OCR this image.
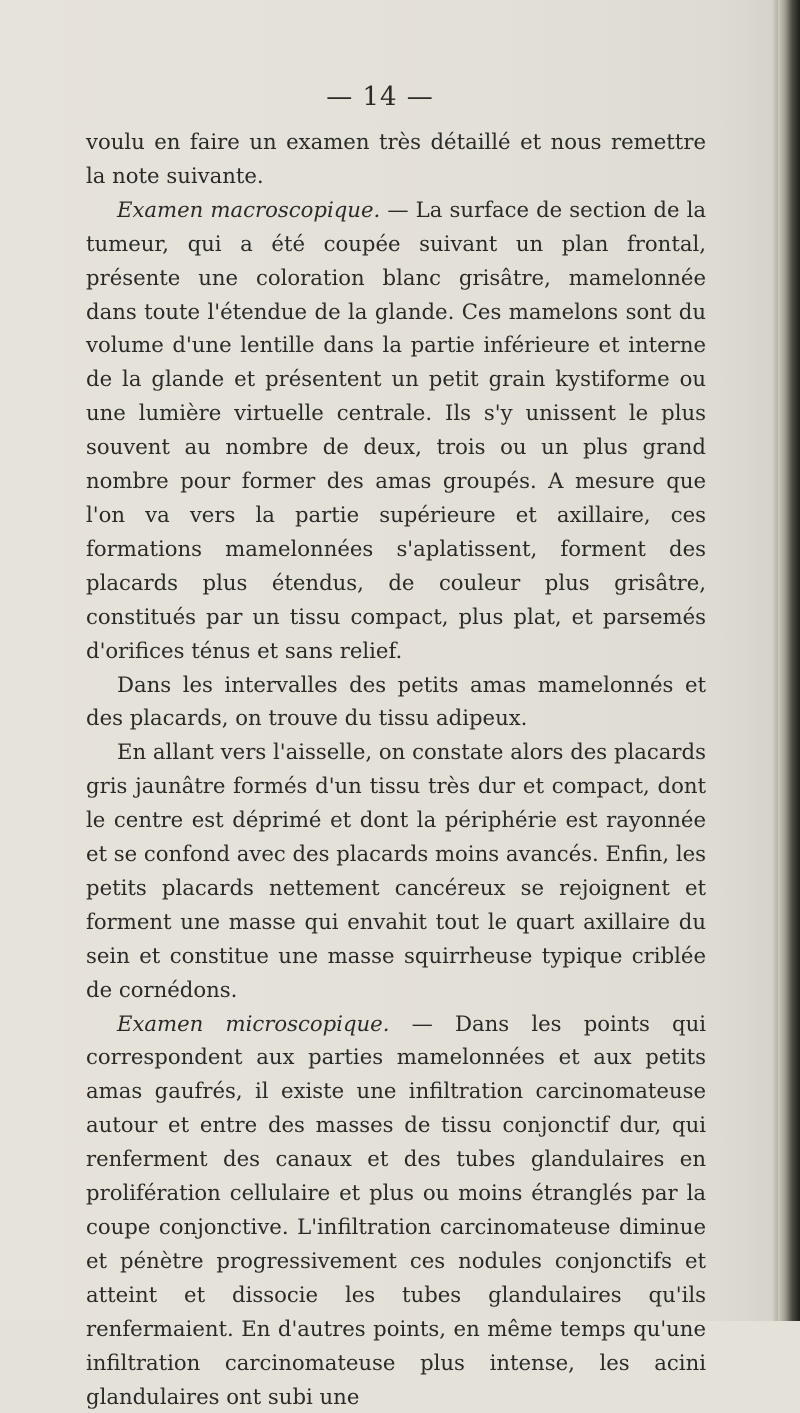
— 14 —

voulu en faire un examen très détaillé et nous remettre la note suivante.

Examen macroscopique. — La surface de section de la tumeur, qui a été coupée suivant un plan frontal, présente une coloration blanc grisâtre, mamelonnée dans toute l'étendue de la glande. Ces mamelons sont du volume d'une lentille dans la partie inférieure et interne de la glande et présentent un petit grain kystiforme ou une lumière virtuelle centrale. Ils s'y unissent le plus souvent au nombre de deux, trois ou un plus grand nombre pour former des amas groupés. A mesure que l'on va vers la partie supérieure et axillaire, ces formations mamelonnées s'aplatissent, forment des placards plus étendus, de couleur plus grisâtre, constitués par un tissu compact, plus plat, et parsemés d'orifices ténus et sans relief.

Dans les intervalles des petits amas mamelonnés et des placards, on trouve du tissu adipeux.

En allant vers l'aisselle, on constate alors des placards gris jaunâtre formés d'un tissu très dur et compact, dont le centre est déprimé et dont la périphérie est rayonnée et se confond avec des placards moins avancés. Enfin, les petits placards nettement cancéreux se rejoignent et forment une masse qui envahit tout le quart axillaire du sein et constitue une masse squirrheuse typique criblée de cornédons.

Examen microscopique. — Dans les points qui correspondent aux parties mamelonnées et aux petits amas gaufrés, il existe une infiltration carcinomateuse autour et entre des masses de tissu conjonctif dur, qui renferment des canaux et des tubes glandulaires en prolifération cellulaire et plus ou moins étranglés par la coupe conjonctive. L'infiltration carcinomateuse diminue et pénètre progressivement ces nodules conjonctifs et atteint et dissocie les tubes glandulaires qu'ils renfermaient. En d'autres points, en même temps qu'une infiltration carcinomateuse plus intense, les acini glandulaires ont subi une
